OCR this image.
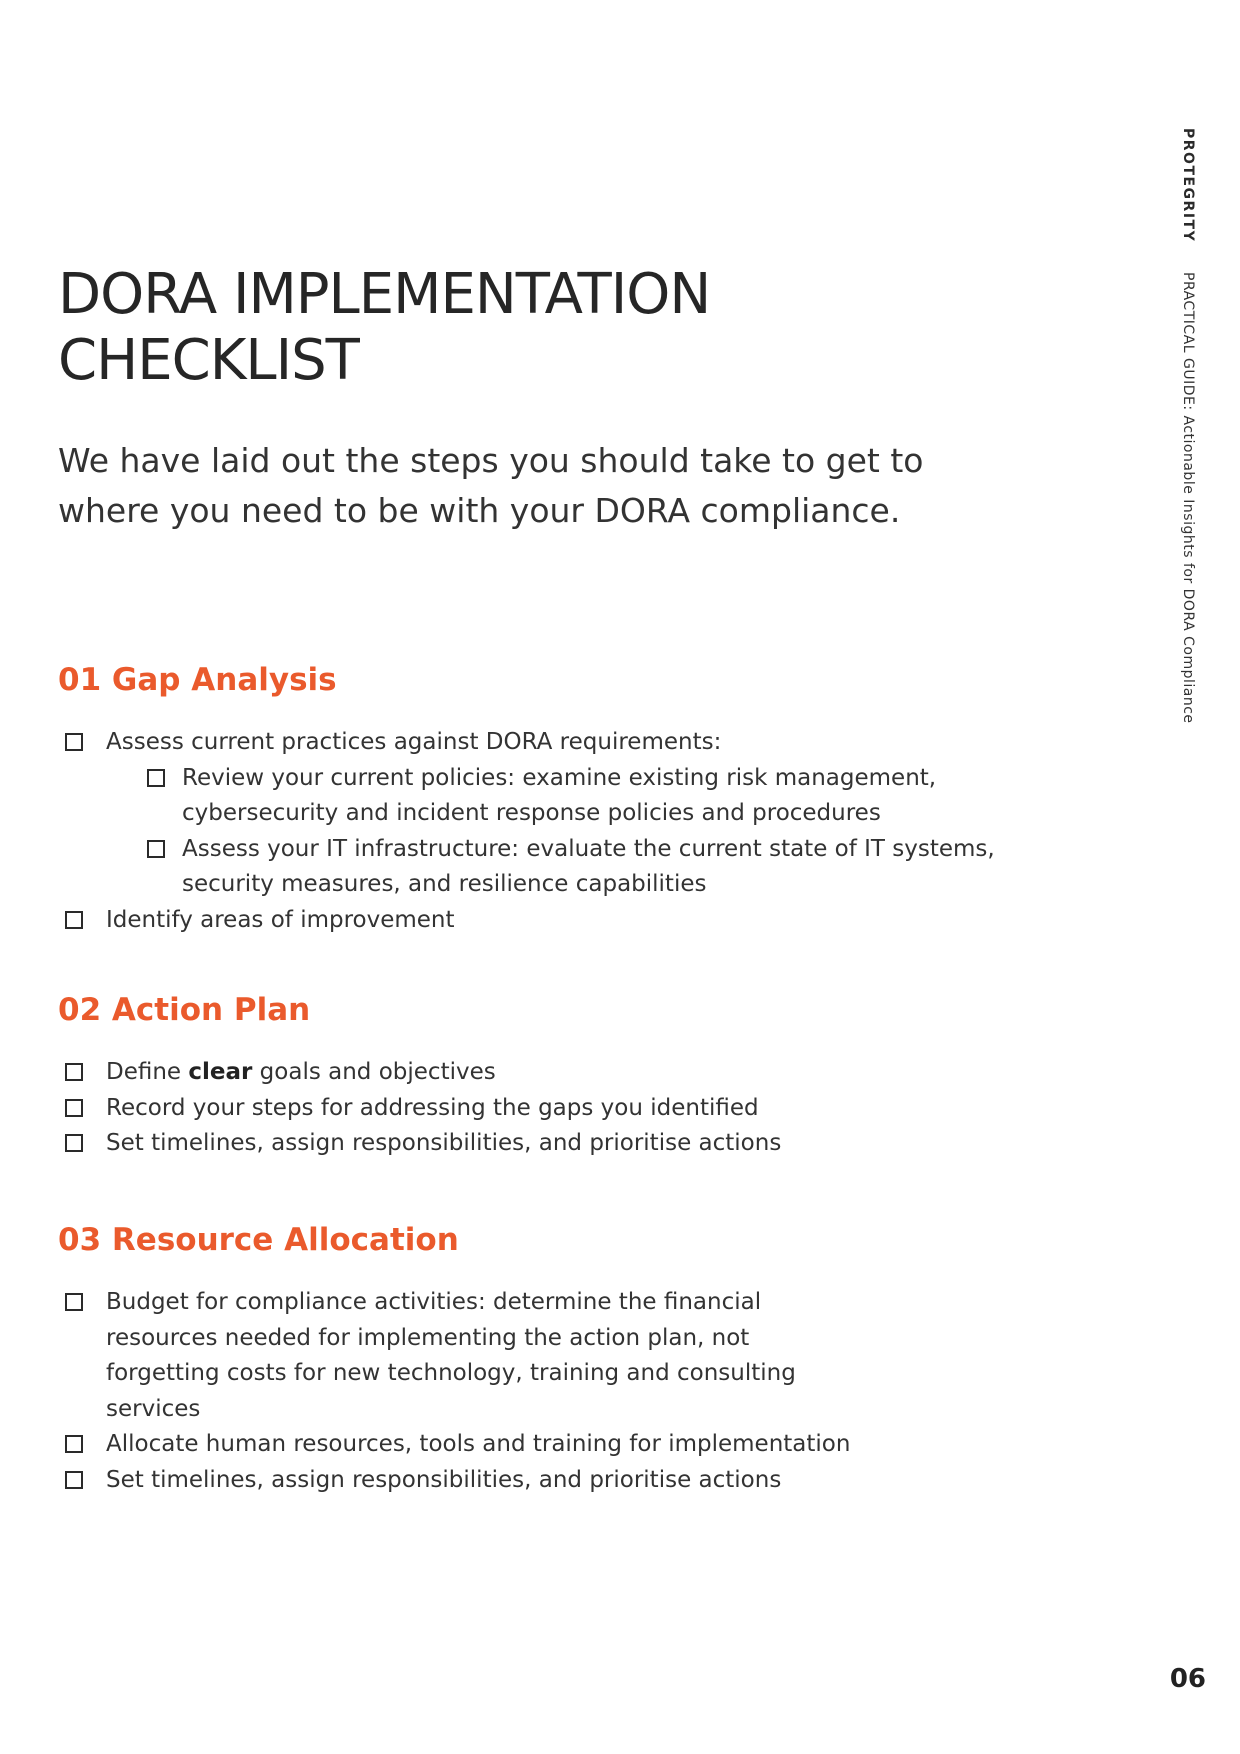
PROTEGRITY
PRACTICAL GUIDE: Actionable Insights for DORA Compliance
DORA IMPLEMENTATION
CHECKLIST

We have laid out the steps you should take to get to
where you need to be with your DORA compliance.

01 Gap Analysis
Assess current practices against DORA requirements:
Review your current policies: examine existing risk management,
cybersecurity and incident response policies and procedures
Assess your IT infrastructure: evaluate the current state of IT systems,
security measures, and resilience capabilities
Identify areas of improvement
02 Action Plan
Define clear goals and objectives
Record your steps for addressing the gaps you identified
Set timelines, assign responsibilities, and prioritise actions
03 Resource Allocation
Budget for compliance activities: determine the financial
resources needed for implementing the action plan, not
forgetting costs for new technology, training and consulting
services
Allocate human resources, tools and training for implementation
Set timelines, assign responsibilities, and prioritise actions
06
